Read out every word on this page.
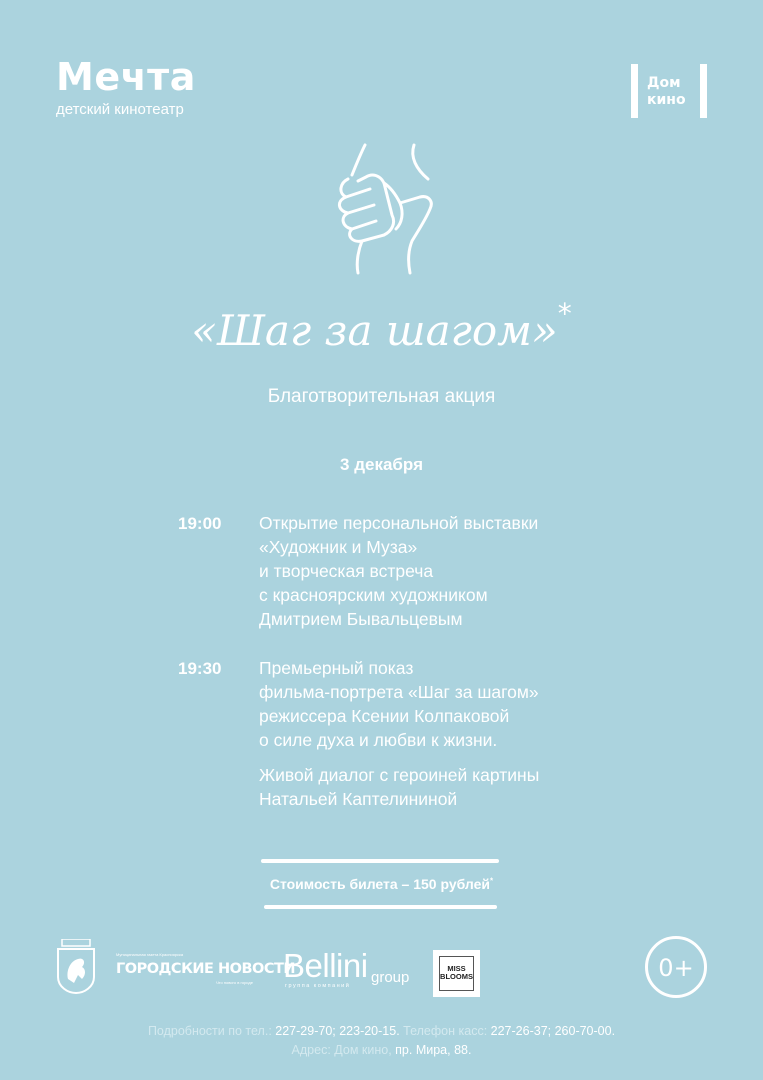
Мечта
детский кинотеатр
Дом
кино
«Шаг за шагом»*
Благотворительная акция
3 декабря
19:00 Открытие персональной выставки
«Художник и Муза»
и творческая встреча
с красноярским художником
Дмитрием Бывальцевым
19:30 Премьерный показ
фильма-портрета «Шаг за шагом»
режиссера Ксении Колпаковой
о силе духа и любви к жизни.
Живой диалог с героиней картины
Натальей Каптелининой
Стоимость билета – 150 рублей*
Муниципальная газета Красноярска
ГОРОДСКИЕ НОВОСТИ
Что нового в городе Bellini group
группа компаний
MISS BLOOMS	0+
Подробности по тел.: 227-29-70; 223-20-15. Телефон касс: 227-26-37; 260-70-00.
Адрес: Дом кино, пр. Мира, 88.
